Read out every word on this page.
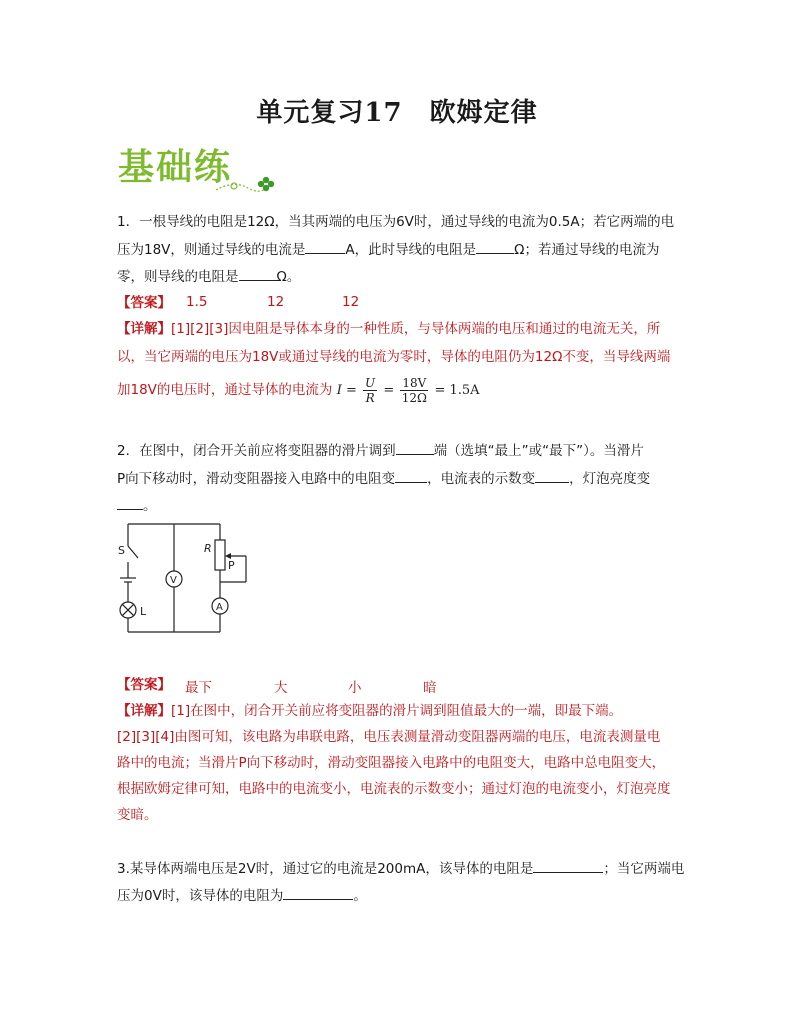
单元复习17　欧姆定律
基础练
1．一根导线的电阻是12Ω，当其两端的电压为6V时，通过导线的电流为0.5A；若它两端的电
压为18V，则通过导线的电流是	A，此时导线的电阻是	Ω；若通过导线的电流为
零，则导线的电阻是	Ω。
【答案】 1.5	12	12
【详解】[1][2][3]因电阻是导体本身的一种性质，与导体两端的电压和通过的电流无关，所
以，当它两端的电压为18V或通过导线的电流为零时，导体的电阻仍为12Ω不变，当导线两端
加18V的电压时，通过导体的电流为 $I = \frac{U}{R} = \frac{18V}{12\Omega} = 1.5A$
2．在图中，闭合开关前应将变阻器的滑片调到	端（选填“最上”或“最下”）。当滑片
P向下移动时，滑动变阻器接入电路中的电阻变 ，电流表的示数变	，灯泡亮度变
。
S
L
R
P
V
A
【答案】 最下	大	小	暗
【详解】[1]在图中，闭合开关前应将变阻器的滑片调到阻值最大的一端，即最下端。
[2][3][4]由图可知，该电路为串联电路，电压表测量滑动变阻器两端的电压，电流表测量电
路中的电流；当滑片P向下移动时，滑动变阻器接入电路中的电阻变大，电路中总电阻变大，
根据欧姆定律可知，电路中的电流变小，电流表的示数变小；通过灯泡的电流变小，灯泡亮度
变暗。
3.某导体两端电压是2V时，通过它的电流是200mA，该导体的电阻是	；当它两端电
压为0V时，该导体的电阻为	。
